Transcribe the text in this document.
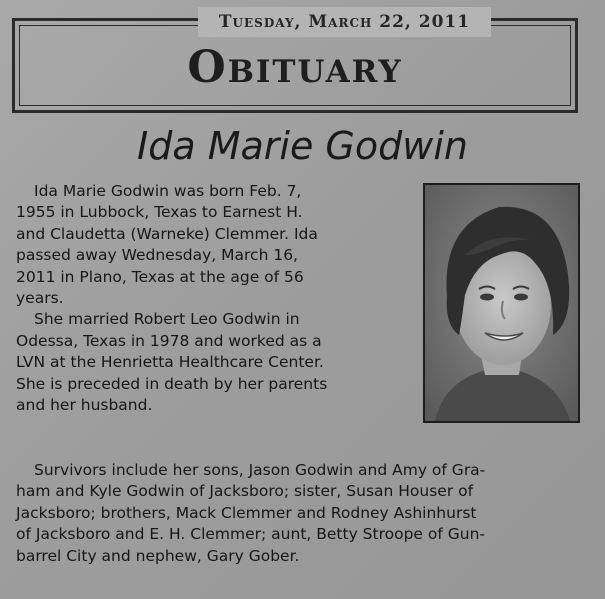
Tuesday, March 22, 2011
Obituary
Ida Marie Godwin
Ida Marie Godwin was born Feb. 7,
1955 in Lubbock, Texas to Earnest H.
and Claudetta (Warneke) Clemmer. Ida
passed away Wednesday, March 16,
2011 in Plano, Texas at the age of 56
years.
She married Robert Leo Godwin in
Odessa, Texas in 1978 and worked as a
LVN at the Henrietta Healthcare Center.
She is preceded in death by her parents
and her husband.
Survivors include her sons, Jason Godwin and Amy of Gra-
ham and Kyle Godwin of Jacksboro; sister, Susan Houser of
Jacksboro; brothers, Mack Clemmer and Rodney Ashinhurst
of Jacksboro and E. H. Clemmer; aunt, Betty Stroope of Gun-
barrel City and nephew, Gary Gober.
